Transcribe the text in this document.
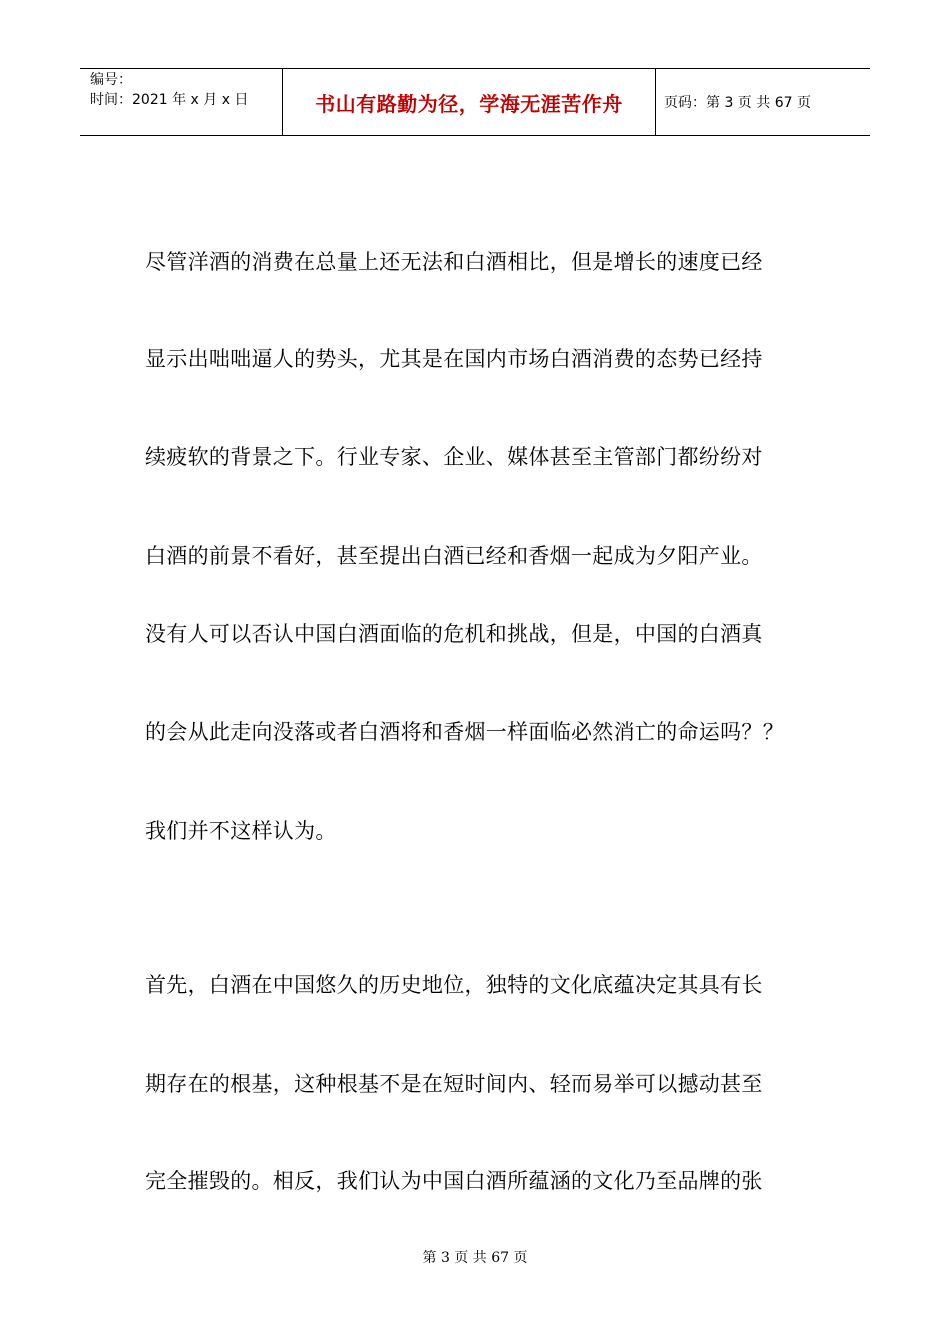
编号：
时间：2021 年 x 月 x 日	书山有路勤为径，学海无涯苦作舟	页码：第 3 页 共 67 页
尽管洋酒的消费在总量上还无法和白酒相比，但是增长的速度已经
显示出咄咄逼人的势头，尤其是在国内市场白酒消费的态势已经持
续疲软的背景之下。行业专家、企业、媒体甚至主管部门都纷纷对
白酒的前景不看好，甚至提出白酒已经和香烟一起成为夕阳产业。
没有人可以否认中国白酒面临的危机和挑战，但是，中国的白酒真
的会从此走向没落或者白酒将和香烟一样面临必然消亡的命运吗？？
我们并不这样认为。
首先，白酒在中国悠久的历史地位，独特的文化底蕴决定其具有长
期存在的根基，这种根基不是在短时间内、轻而易举可以撼动甚至
完全摧毁的。相反，我们认为中国白酒所蕴涵的文化乃至品牌的张
第 3 页 共 67 页
